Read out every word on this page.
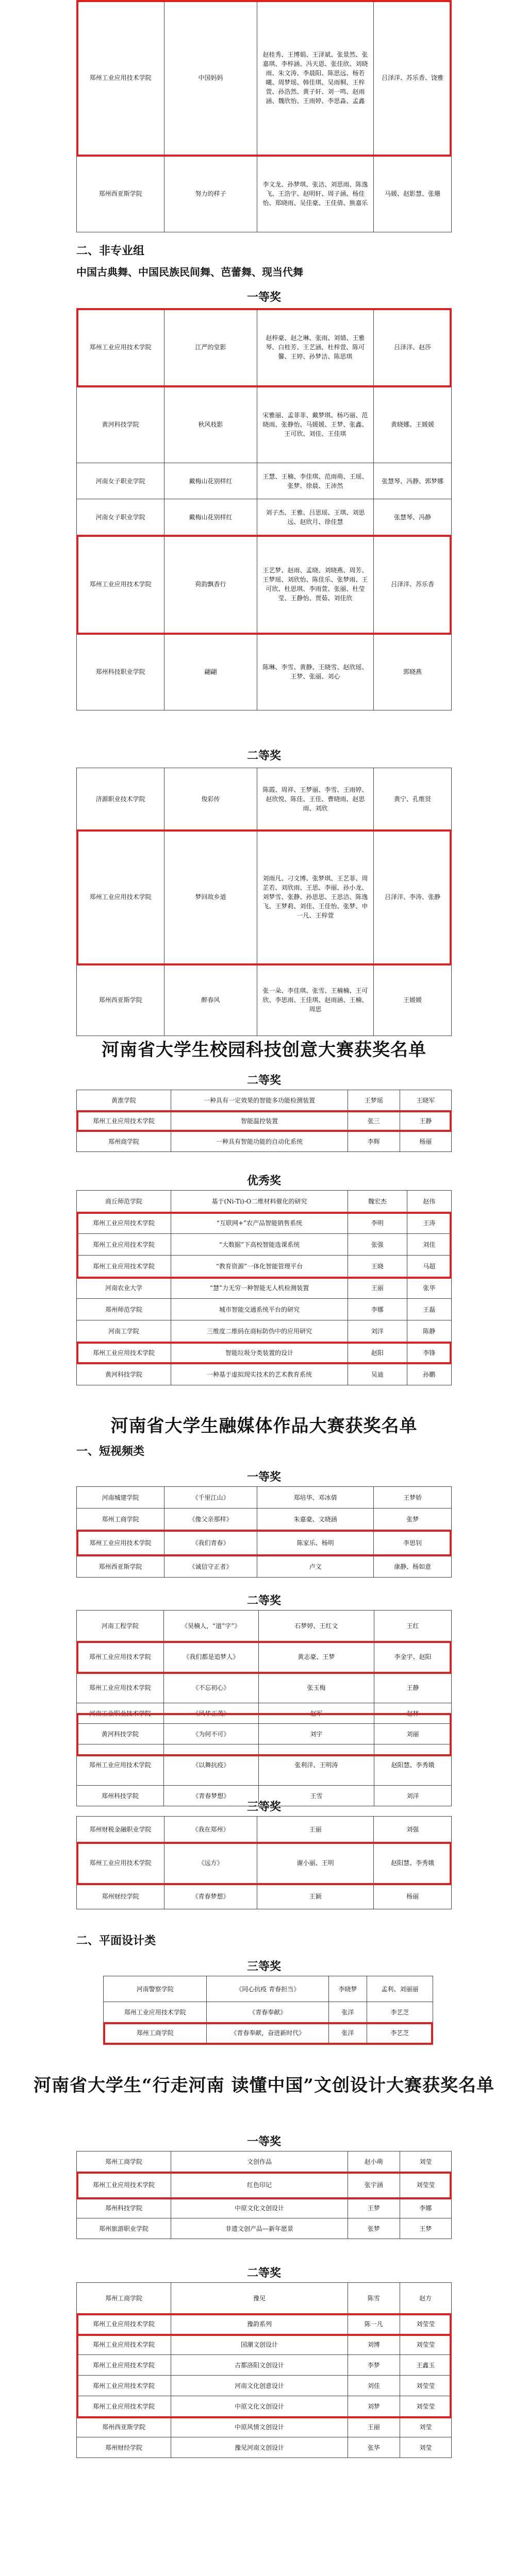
郑州工业应用技术学院	中国妈妈	赵桂秀、王博娟、王泽斌、张景然、张嘉琪、李梓涵、冯天恩、张佳欣、刘晓雨、朱文涛、李晨阳、陈思远、杨若曦、周梦瑶、韩佳琪、吴雨桐、王梓萱、孙浩然、黄子轩、刘一鸣、赵雨涵、魏欣怡、王雨婷、李思淼、孟鑫	吕泽洋、苏乐香、饶雅
郑州西亚斯学院	努力的样子	李文龙、孙梦琪、张洁、刘思雨、陈逸飞、王浩宇、赵明轩、周子涵、杨佳怡、郑晓雨、吴佳豪、王佳倩、熊嘉乐	马媛、赵影慧、张珊
二、非专业组
中国古典舞、中国民族民间舞、芭蕾舞、现当代舞
一等奖
郑州工业应用技术学院	江严的堂影	赵梓豪、赵之琳、张雨、刘婧、王雅琴、白桂芳、王艺涵、杜梓萱、陈可馨、王婷、孙梦洁、陈思琪	吕泽洋、赵莎
黄河科技学院	秋风枝影	宋雅丽、孟菲菲、戴梦琪、杨巧丽、范晓雨、张静怡、马媛媛、王梦、张鑫、王可欣、刘佳、王佳琪	黄晓娜、王媛媛
河南女子职业学院	戴梅山花别样红	王慧、王楠、李佳琪、范雨萌、王瑶、张梦、徐晨、王沛然	张慧琴、冯静、郭梦娜
河南女子职业学院	戴梅山花别样红	刘子杰、王雅、吕思瑶、王琪、刘思远、赵欣月、徐佳慧	张慧琴、冯静
郑州工业应用技术学院	荷韵飘香行	王艺梦、赵雨、孟晓、刘晓燕、周芳、王梦瑶、刘欣怡、陈佳乐、张梦雨、王可欣、杜思琪、李雨萱、张丽、杜莹莹、王静怡、贾茹、刘佳欣	吕泽洋、苏乐香
郑州科技职业学院	翩翩	陈琳、李雪、黄静、王晓雪、赵欣瑶、王梦、张丽、刘心	郭晓燕
二等奖
济源职业技术学院	俊彩传	陈霞、周祥、王梦丽、李雪、王雨婷、赵欣悦、陈佳、王佳、曹晓雨、赵思雨、刘欣	黄宁、孔维贤
郑州工业应用技术学院	梦回故乡道	刘雨凡、刁文博、张梦琪、王艺菲、周芷若、刘欣雨、王思、李丽、孙小龙、刘梦雪、张静、孙思思、王思洁、陈逸飞、王梦莉、刘佳、王佳怡、张梦、申一凡、王梓萱	吕泽洋、李涛、张静
郑州西亚斯学院	醉春风	张一朵、李佳琪、张雪、王楠楠、王可欣、李思雨、王佳琪、赵雨涵、王楠、周思	王媛媛
河南省大学生校园科技创意大赛获奖名单
二等奖
黄淮学院	一种具有一定效果的智能多功能检测装置	王梦瑶	王晓军
郑州工业应用技术学院	智能温控装置	张三	王静
郑州商学院	一种具有智能功能的自动化系统	李辉	杨丽
优秀奖
商丘师范学院	基于(Ni-Ti)-O二维材料催化的研究	魏宏杰	赵伟
郑州工业应用技术学院	“互联网+”农产品智能销售系统	李明	王涛
郑州工业应用技术学院	“大数据”下高校智能选课系统	张强	刘佳
郑州工业应用技术学院	“教育资源”一体化智能管理平台	王晓	马超
河南农业大学	“慧”力无穷一种智能无人机检测装置	王丽	张华
郑州师范学院	城市智能交通系统平台的研究	李娜	王磊
河南工学院	三维度二维码在商标防伪中的应用研究	刘洋	陈静
郑州工业应用技术学院	智能垃圾分类装置的设计	赵阳	李锋
黄河科技学院	一种基于虚拟现实技术的艺术教育系统	吴迪	孙鹏
河南省大学生融媒体作品大赛获奖名单
一、短视频类
一等奖
河南城建学院	《千里江山》	郑培华、邓冰倩	王梦娇
郑州工商学院	《像父亲那样》	朱嘉豪、文晓涵	张梦
郑州工业应用技术学院	《我们青春》	陈家乐、杨明	李思钊
郑州西亚斯学院	《诚信守正者》	卢文	康静、杨如意
二等奖
河南工程学院	《昊楠人，“道”字”》	石梦婷、王红文	王红
郑州工业应用技术学院	《我们都是追梦人》	黄志豪、王梦	李金宇、赵阳
郑州工业应用技术学院	《不忘初心》	张玉梅	王静
河南工业职业技术学院	《风华正茂》	赵军	赵林
黄河科技学院	《为何不可》	刘宇	刘丽
郑州工业应用技术学院	《以舞抗疫》	张利洋、王明涛	赵阳慧、李秀娥
郑州科技学院	《青春梦想》	王雪	刘洋
三等奖
郑州财税金融职业学院	《我在郑州》	王丽	刘强
郑州工业应用技术学院	《远方》	谢小丽、王明	赵阳慧、李秀娥
郑州财经学院	《青春梦想》	王颖	杨丽
二、平面设计类
三等奖
河南警察学院	《同心抗疫 青春担当》	李晓梦	孟利、刘丽丽
郑州工业应用技术学院	《青春奉献》	张洋	李艺芝
郑州工商学院	《青春奉献，奋进新时代》	张洋	李艺芝
河南省大学生“行走河南 读懂中国”文创设计大赛获奖名单
一等奖
郑州工商学院	文创作品	赵小萌	刘莹
郑州工业应用技术学院	红色印记	张宇涵	刘莹莹
郑州科技学院	中原文化文创设计	王梦	李娜
郑州旅游职业学院	非遗文创产品—新年愿景	张梦	王梦
二等奖
郑州工商学院	豫见	陈雪	赵方
郑州工业应用技术学院	豫韵系列	陈一凡	刘莹莹
郑州工业应用技术学院	国潮文创设计	刘博	刘莹莹
郑州工业应用技术学院	古都洛阳文创设计	李梦	王鑫玉
郑州工业应用技术学院	河南文化创意设计	刘佳	刘莹莹
郑州工业应用技术学院	中原文化文创设计	刘梦	刘莹莹
郑州西亚斯学院	中原风情文创设计	王丽	刘莹
郑州财经学院	豫见河南文创设计	张华	刘莹
